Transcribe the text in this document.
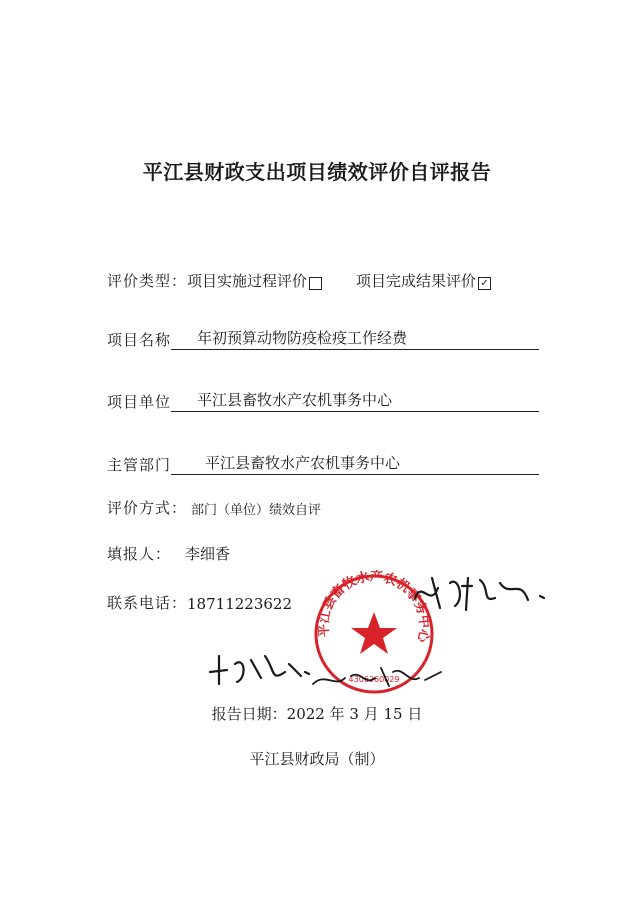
平江县财政支出项目绩效评价自评报告
评价类型： 项目实施过程评价	项目完成结果评价 ✓
项目名称	年初预算动物防疫检疫工作经费
项目单位	平江县畜牧水产农机事务中心
主管部门	平江县畜牧水产农机事务中心
评价方式： 部门（单位）绩效自评
填报人： 李细香
联系电话： 18711223622
平江县畜牧水产农机事务中心
4306260029
报告日期：2022 年 3 月 15 日
平江县财政局（制）
